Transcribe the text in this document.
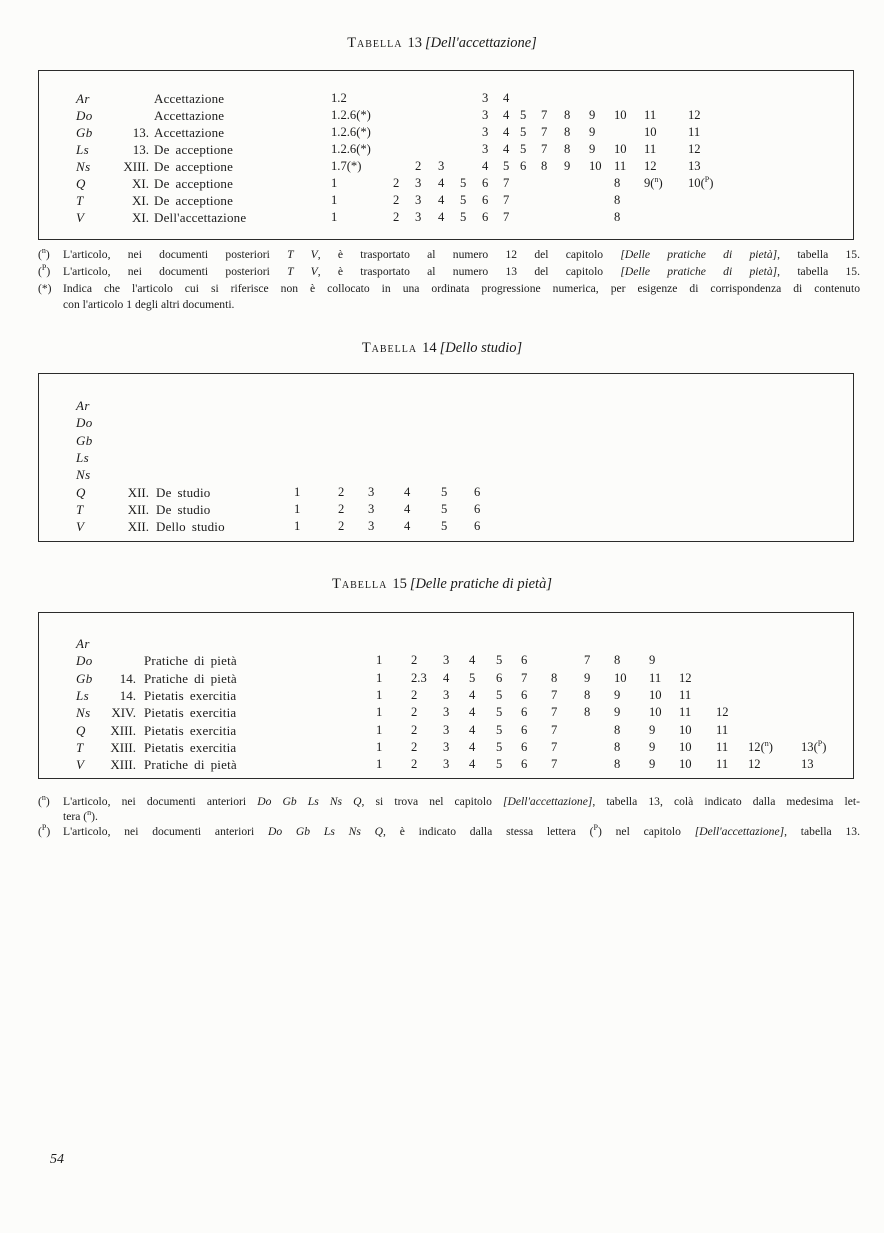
Tabella 13 [Dell'accettazione]
Ar	Accettazione	1.2	3 4
Do	Accettazione	1.2.6(*)	3 4 5 7 8 9 10 11	12
Gb	13. Accettazione	1.2.6(*)	3 4 5 7 8 9	10 11
Ls	13. De acceptione	1.2.6(*)	3 4 5 7 8 9 10 11	12
Ns	XIII. De acceptione	1.7(*)	2 3	4 5 6 8 9 10 11 12 13
Q	XI. De acceptione	1	2 3 4 5 6 7	8 9($^n$) 10($^P$)
T	XI. De acceptione	1	2 3 4 5 6 7	8
V	XI. Dell'accettazione	1	2 3 4 5 6 7	8
($^n$) L'articolo, nei documenti posteriori T V, è trasportato al numero 12 del capitolo [Delle pratiche di pietà], tabella 15.
($^P$) L'articolo, nei documenti posteriori T V, è trasportato al numero 13 del capitolo [Delle pratiche di pietà], tabella 15.
(*) Indica che l'articolo cui si riferisce non è collocato in una ordinata progressione numerica, per esigenze di corrispondenza di contenuto
con l'articolo 1 degli altri documenti.
Tabella 14 [Dello studio]
Ar
Do
Gb
Ls
Ns
Q	XII. De studio	1	2 3 4 5 6
T	XII. De studio	1	2 3 4 5 6
V	XII. Dello studio	1	2 3 4 5 6
Tabella 15 [Delle pratiche di pietà]
Ar
Do	Pratiche di pietà	1 2 3 4 5 6	7 8 9
Gb	14. Pratiche di pietà	1 2.3 4 5 6 7 8 9 10 11 12
Ls	14. Pietatis exercitia	1 2 3 4 5 6 7 8 9 10 11
Ns	XIV. Pietatis exercitia	1 2 3 4 5 6 7 8 9 10 11 12
Q	XIII. Pietatis exercitia	1 2 3 4 5 6 7	8 9 10 11
T	XIII. Pietatis exercitia	1 2 3 4 5 6 7	8 9 10 11 12($^n$) 13($^P$)
V	XIII. Pratiche di pietà	1 2 3 4 5 6 7	8 9 10 11 12	13
($^n$) L'articolo, nei documenti anteriori Do Gb Ls Ns Q, si trova nel capitolo [Dell'accettazione], tabella 13, colà indicato dalla medesima let-
tera ($^n$).
($^P$) L'articolo, nei documenti anteriori Do Gb Ls Ns Q, è indicato dalla stessa lettera ($^P$) nel capitolo [Dell'accettazione], tabella 13.
54
